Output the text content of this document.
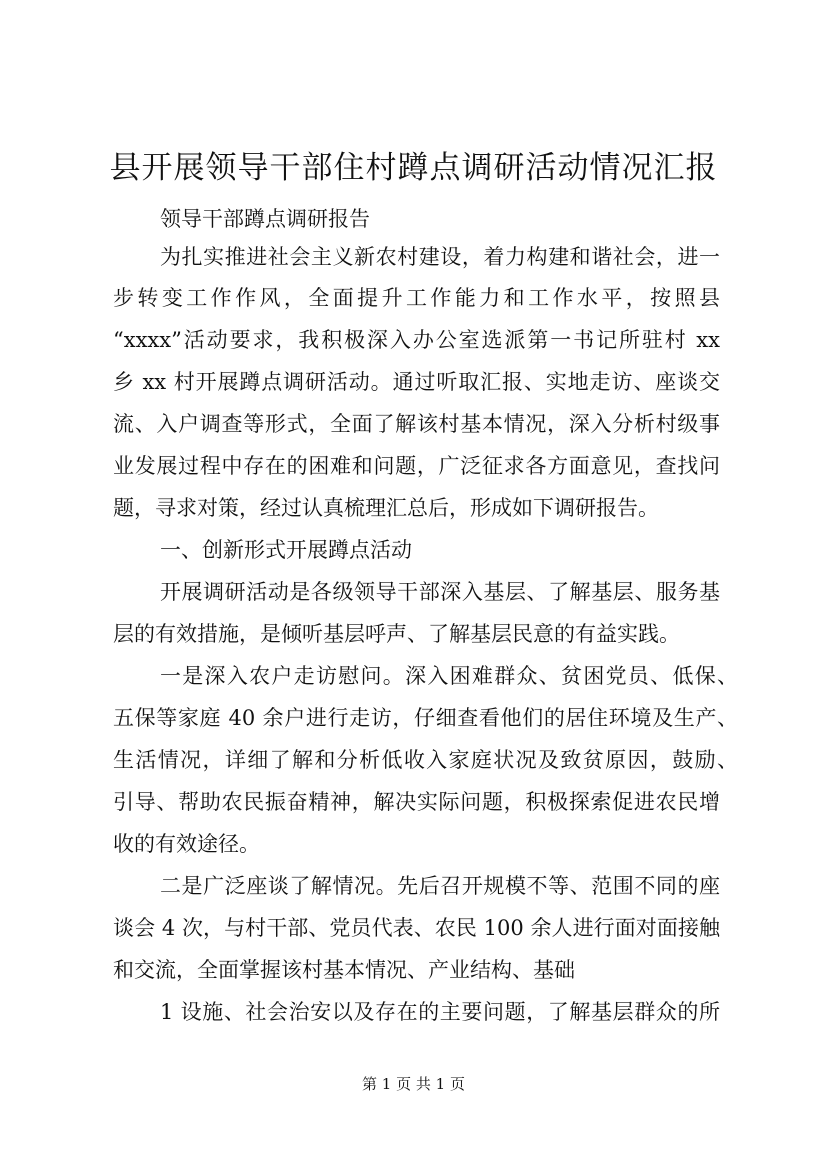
县开展领导干部住村蹲点调研活动情况汇报
领导干部蹲点调研报告
为扎实推进社会主义新农村建设，着力构建和谐社会，进一
步转变工作作风，全面提升工作能力和工作水平，按照县
“xxxx”活动要求，我积极深入办公室选派第一书记所驻村 xx
乡 xx 村开展蹲点调研活动。通过听取汇报、实地走访、座谈交
流、入户调查等形式，全面了解该村基本情况，深入分析村级事
业发展过程中存在的困难和问题，广泛征求各方面意见，查找问
题，寻求对策，经过认真梳理汇总后，形成如下调研报告。
一、创新形式开展蹲点活动
开展调研活动是各级领导干部深入基层、了解基层、服务基
层的有效措施，是倾听基层呼声、了解基层民意的有益实践。
一是深入农户走访慰问。深入困难群众、贫困党员、低保、
五保等家庭 40 余户进行走访，仔细查看他们的居住环境及生产、
生活情况，详细了解和分析低收入家庭状况及致贫原因，鼓励、
引导、帮助农民振奋精神，解决实际问题，积极探索促进农民增
收的有效途径。
二是广泛座谈了解情况。先后召开规模不等、范围不同的座
谈会 4 次，与村干部、党员代表、农民 100 余人进行面对面接触
和交流，全面掌握该村基本情况、产业结构、基础
1 设施、社会治安以及存在的主要问题，了解基层群众的所
第 1 页 共 1 页
